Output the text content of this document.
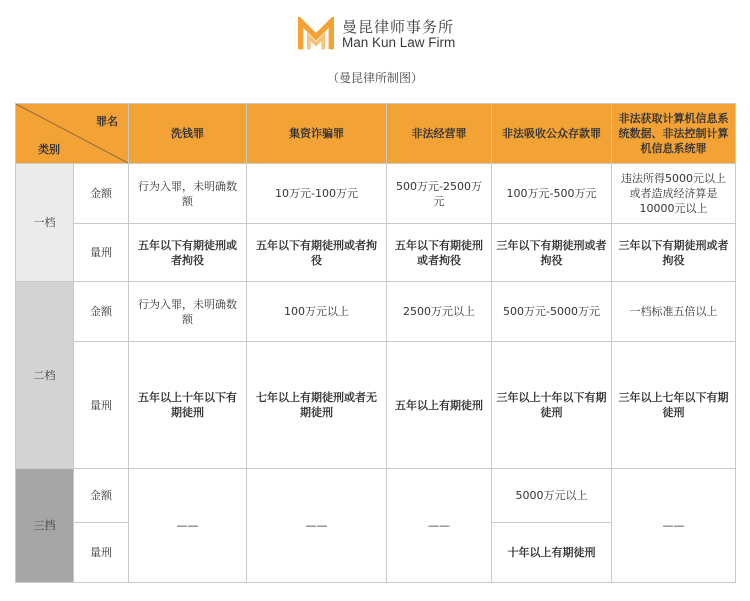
曼昆律师事务所
Man Kun Law Firm
（曼昆律所制图）
罪名
类别		洗钱罪	集资诈骗罪	非法经营罪	非法吸收公众存款罪	非法获取计算机信息系统数据、非法控制计算机信息系统罪
一档	金额	行为入罪，未明确数额	10万元-100万元	500万元-2500万元	100万元-500万元	违法所得5000元以上或者造成经济算是10000元以上
	量刑	五年以下有期徒刑或者拘役	五年以下有期徒刑或者拘役	五年以下有期徒刑或者拘役	三年以下有期徒刑或者拘役	三年以下有期徒刑或者拘役
二档	金额	行为入罪，未明确数额	100万元以上	2500万元以上	500万元-5000万元	一档标准五倍以上
	量刑	五年以上十年以下有期徒刑	七年以上有期徒刑或者无期徒刑	五年以上有期徒刑	三年以上十年以下有期徒刑	三年以上七年以下有期徒刑
三挡	金额	——	——	——	5000万元以上	——
	量刑				十年以上有期徒刑	
